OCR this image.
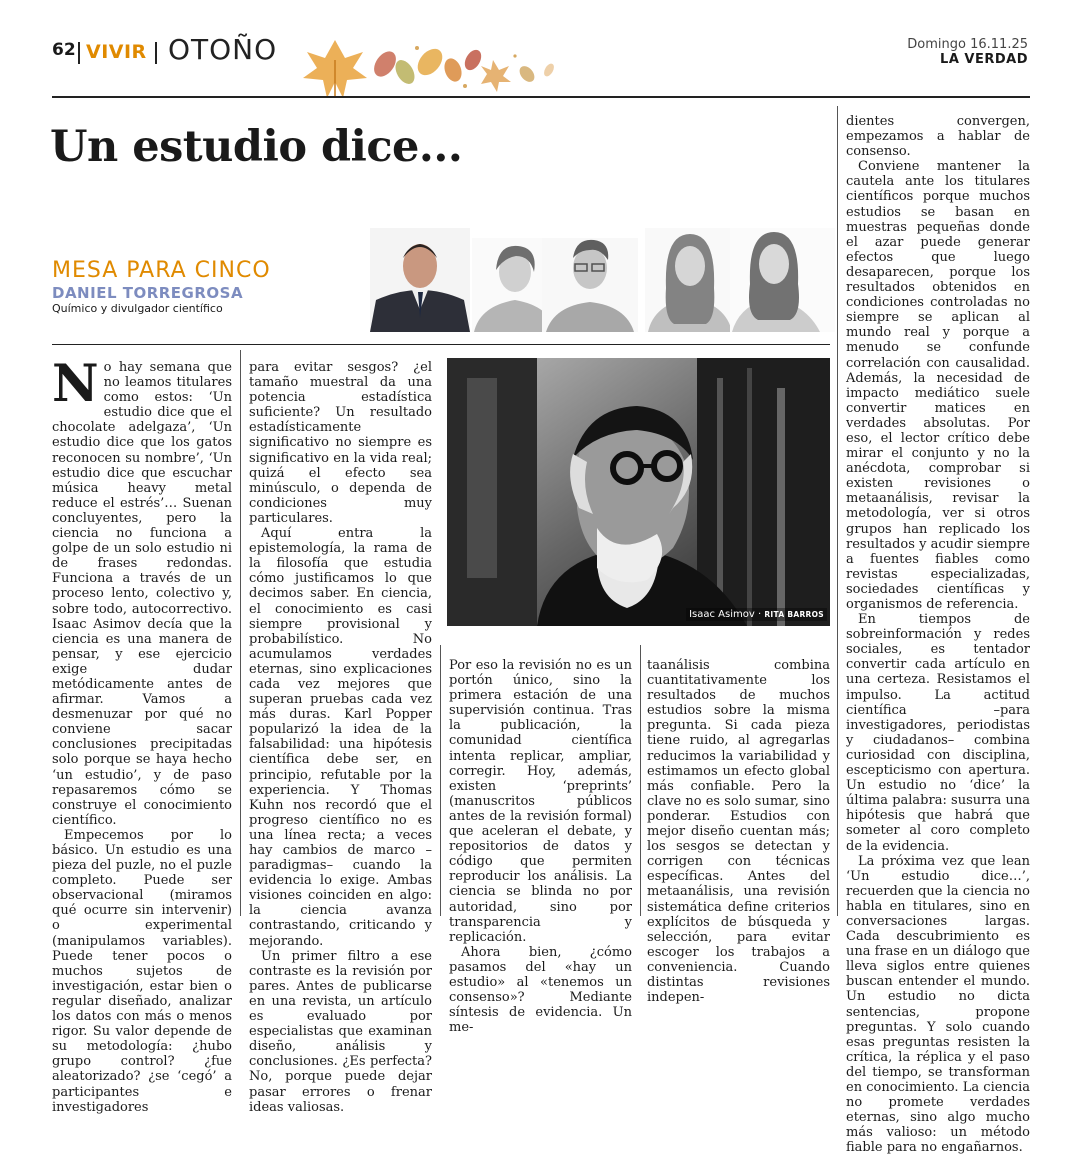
62 VIVIR OTOÑO	Domingo 16.11.25
LA VERDAD
Un estudio dice...
MESA PARA CINCO
DANIEL TORREGROSA
Químico y divulgador científico

No hay semana que no leamos titulares como estos: ‘Un estudio dice que el chocolate adelgaza’, ‘Un estudio dice que los gatos reconocen su nombre’, ‘Un estudio dice que escuchar música heavy metal reduce el estrés’… Suenan concluyentes, pero la ciencia no funciona a golpe de un solo estudio ni de frases redondas. Funciona a través de un proceso lento, colectivo y, sobre todo, autocorrectivo. Isaac Asimov decía que la ciencia es una manera de pensar, y ese ejercicio exige dudar metódicamente antes de afirmar. Vamos a desmenuzar por qué no conviene sacar conclusiones precipitadas solo porque se haya hecho ‘un estudio’, y de paso repasaremos cómo se construye el conocimiento científico.

Empecemos por lo básico. Un estudio es una pieza del puzle, no el puzle completo. Puede ser observacional (miramos qué ocurre sin intervenir) o experimental (manipulamos variables). Puede tener pocos o muchos sujetos de investigación, estar bien o regular diseñado, analizar los datos con más o menos rigor. Su valor depende de su metodología: ¿hubo grupo control? ¿fue aleatorizado? ¿se ‘cegó’ a participantes e investigadores

para evitar sesgos? ¿el tamaño muestral da una potencia estadística suficiente? Un resultado estadísticamente significativo no siempre es significativo en la vida real; quizá el efecto sea minúsculo, o dependa de condiciones muy particulares.

Aquí entra la epistemología, la rama de la filosofía que estudia cómo justificamos lo que decimos saber. En ciencia, el conocimiento es casi siempre provisional y probabilístico. No acumulamos verdades eternas, sino explicaciones cada vez mejores que superan pruebas cada vez más duras. Karl Popper popularizó la idea de la falsabilidad: una hipótesis científica debe ser, en principio, refutable por la experiencia. Y Thomas Kuhn nos recordó que el progreso científico no es una línea recta; a veces hay cambios de marco –paradigmas– cuando la evidencia lo exige. Ambas visiones coinciden en algo: la ciencia avanza contrastando, criticando y mejorando.

Un primer filtro a ese contraste es la revisión por pares. Antes de publicarse en una revista, un artículo es evaluado por especialistas que examinan diseño, análisis y conclusiones. ¿Es perfecta? No, porque puede dejar pasar errores o frenar ideas valiosas.

Isaac Asimov · RITA BARROS

Por eso la revisión no es un portón único, sino la primera estación de una supervisión continua. Tras la publicación, la comunidad científica intenta replicar, ampliar, corregir. Hoy, además, existen ‘preprints’ (manuscritos públicos antes de la revisión formal) que aceleran el debate, y repositorios de datos y código que permiten reproducir los análisis. La ciencia se blinda no por autoridad, sino por transparencia y replicación.

Ahora bien, ¿cómo pasamos del «hay un estudio» al «tenemos un consenso»? Mediante síntesis de evidencia. Un me-

taanálisis combina cuantitativamente los resultados de muchos estudios sobre la misma pregunta. Si cada pieza tiene ruido, al agregarlas reducimos la variabilidad y estimamos un efecto global más confiable. Pero la clave no es solo sumar, sino ponderar. Estudios con mejor diseño cuentan más; los sesgos se detectan y corrigen con técnicas específicas. Antes del metaanálisis, una revisión sistemática define criterios explícitos de búsqueda y selección, para evitar escoger los trabajos a conveniencia. Cuando distintas revisiones indepen-

dientes convergen, empezamos a hablar de consenso.

Conviene mantener la cautela ante los titulares científicos porque muchos estudios se basan en muestras pequeñas donde el azar puede generar efectos que luego desaparecen, porque los resultados obtenidos en condiciones controladas no siempre se aplican al mundo real y porque a menudo se confunde correlación con causalidad. Además, la necesidad de impacto mediático suele convertir matices en verdades absolutas. Por eso, el lector crítico debe mirar el conjunto y no la anécdota, comprobar si existen revisiones o metaanálisis, revisar la metodología, ver si otros grupos han replicado los resultados y acudir siempre a fuentes fiables como revistas especializadas, sociedades científicas y organismos de referencia.

En tiempos de sobreinformación y redes sociales, es tentador convertir cada artículo en una certeza. Resistamos el impulso. La actitud científica –para investigadores, periodistas y ciudadanos– combina curiosidad con disciplina, escepticismo con apertura. Un estudio no ‘dice’ la última palabra: susurra una hipótesis que habrá que someter al coro completo de la evidencia.

La próxima vez que lean ‘Un estudio dice…’, recuerden que la ciencia no habla en titulares, sino en conversaciones largas. Cada descubrimiento es una frase en un diálogo que lleva siglos entre quienes buscan entender el mundo. Un estudio no dicta sentencias, propone preguntas. Y solo cuando esas preguntas resisten la crítica, la réplica y el paso del tiempo, se transforman en conocimiento. La ciencia no promete verdades eternas, sino algo mucho más valioso: un método fiable para no engañarnos.
